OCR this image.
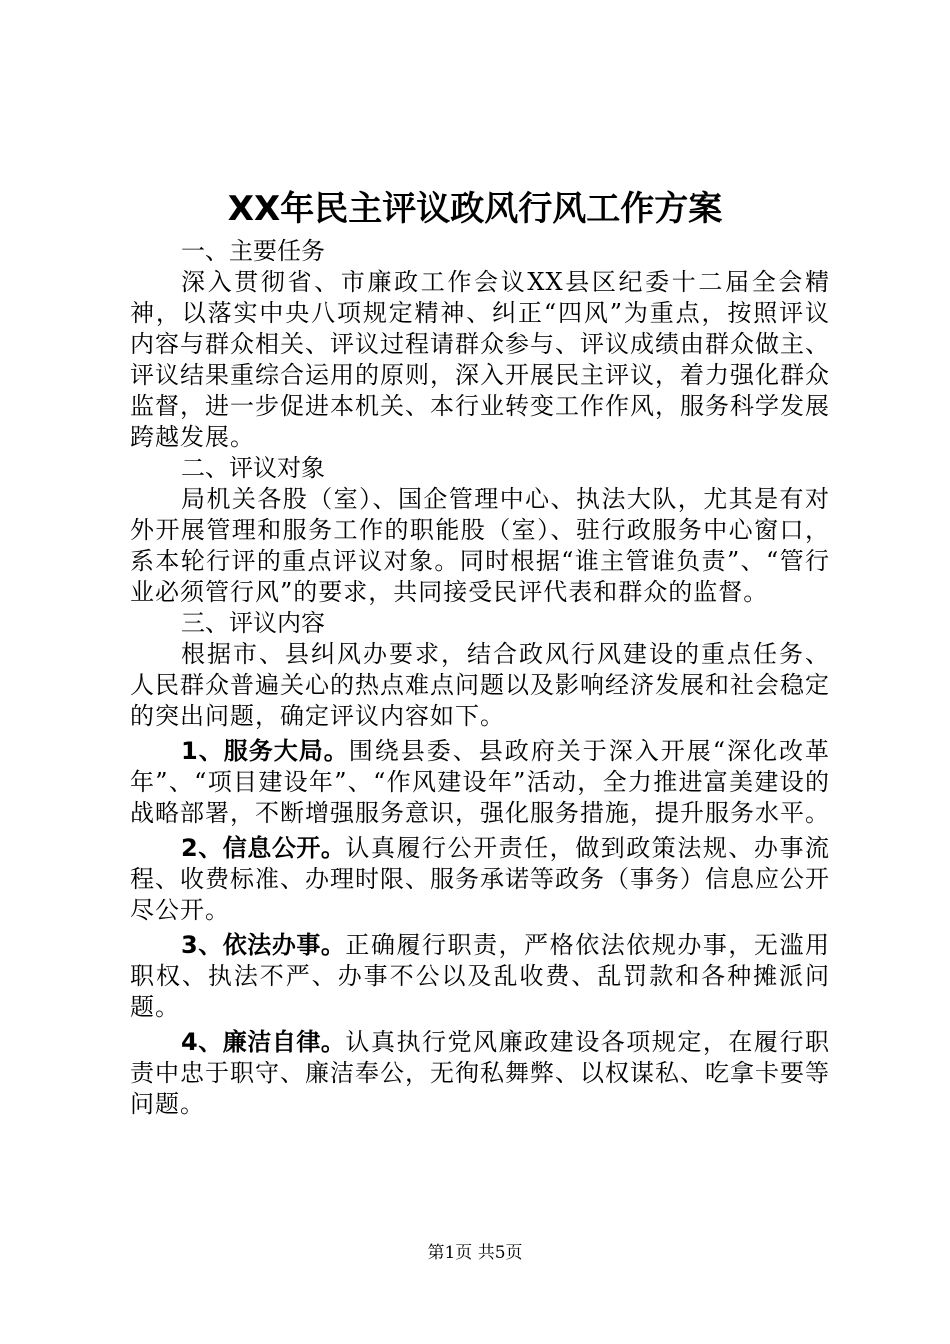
XX年民主评议政风行风工作方案
一、主要任务

深入贯彻省、市廉政工作会议XX县区纪委十二届全会精神，以落实中央八项规定精神、纠正“四风”为重点，按照评议内容与群众相关、评议过程请群众参与、评议成绩由群众做主、评议结果重综合运用的原则，深入开展民主评议，着力强化群众监督，进一步促进本机关、本行业转变工作作风，服务科学发展跨越发展。

二、评议对象

局机关各股（室）、国企管理中心、执法大队，尤其是有对外开展管理和服务工作的职能股（室）、驻行政服务中心窗口，系本轮行评的重点评议对象。同时根据“谁主管谁负责”、“管行业必须管行风”的要求，共同接受民评代表和群众的监督。

三、评议内容

根据市、县纠风办要求，结合政风行风建设的重点任务、人民群众普遍关心的热点难点问题以及影响经济发展和社会稳定的突出问题，确定评议内容如下。

1、服务大局。围绕县委、县政府关于深入开展“深化改革年”、“项目建设年”、“作风建设年”活动，全力推进富美建设的战略部署，不断增强服务意识，强化服务措施，提升服务水平。

2、信息公开。认真履行公开责任，做到政策法规、办事流程、收费标准、办理时限、服务承诺等政务（事务）信息应公开尽公开。

3、依法办事。正确履行职责，严格依法依规办事，无滥用职权、执法不严、办事不公以及乱收费、乱罚款和各种摊派问题。

4、廉洁自律。认真执行党风廉政建设各项规定，在履行职责中忠于职守、廉洁奉公，无徇私舞弊、以权谋私、吃拿卡要等问题。

第1页 共5页
